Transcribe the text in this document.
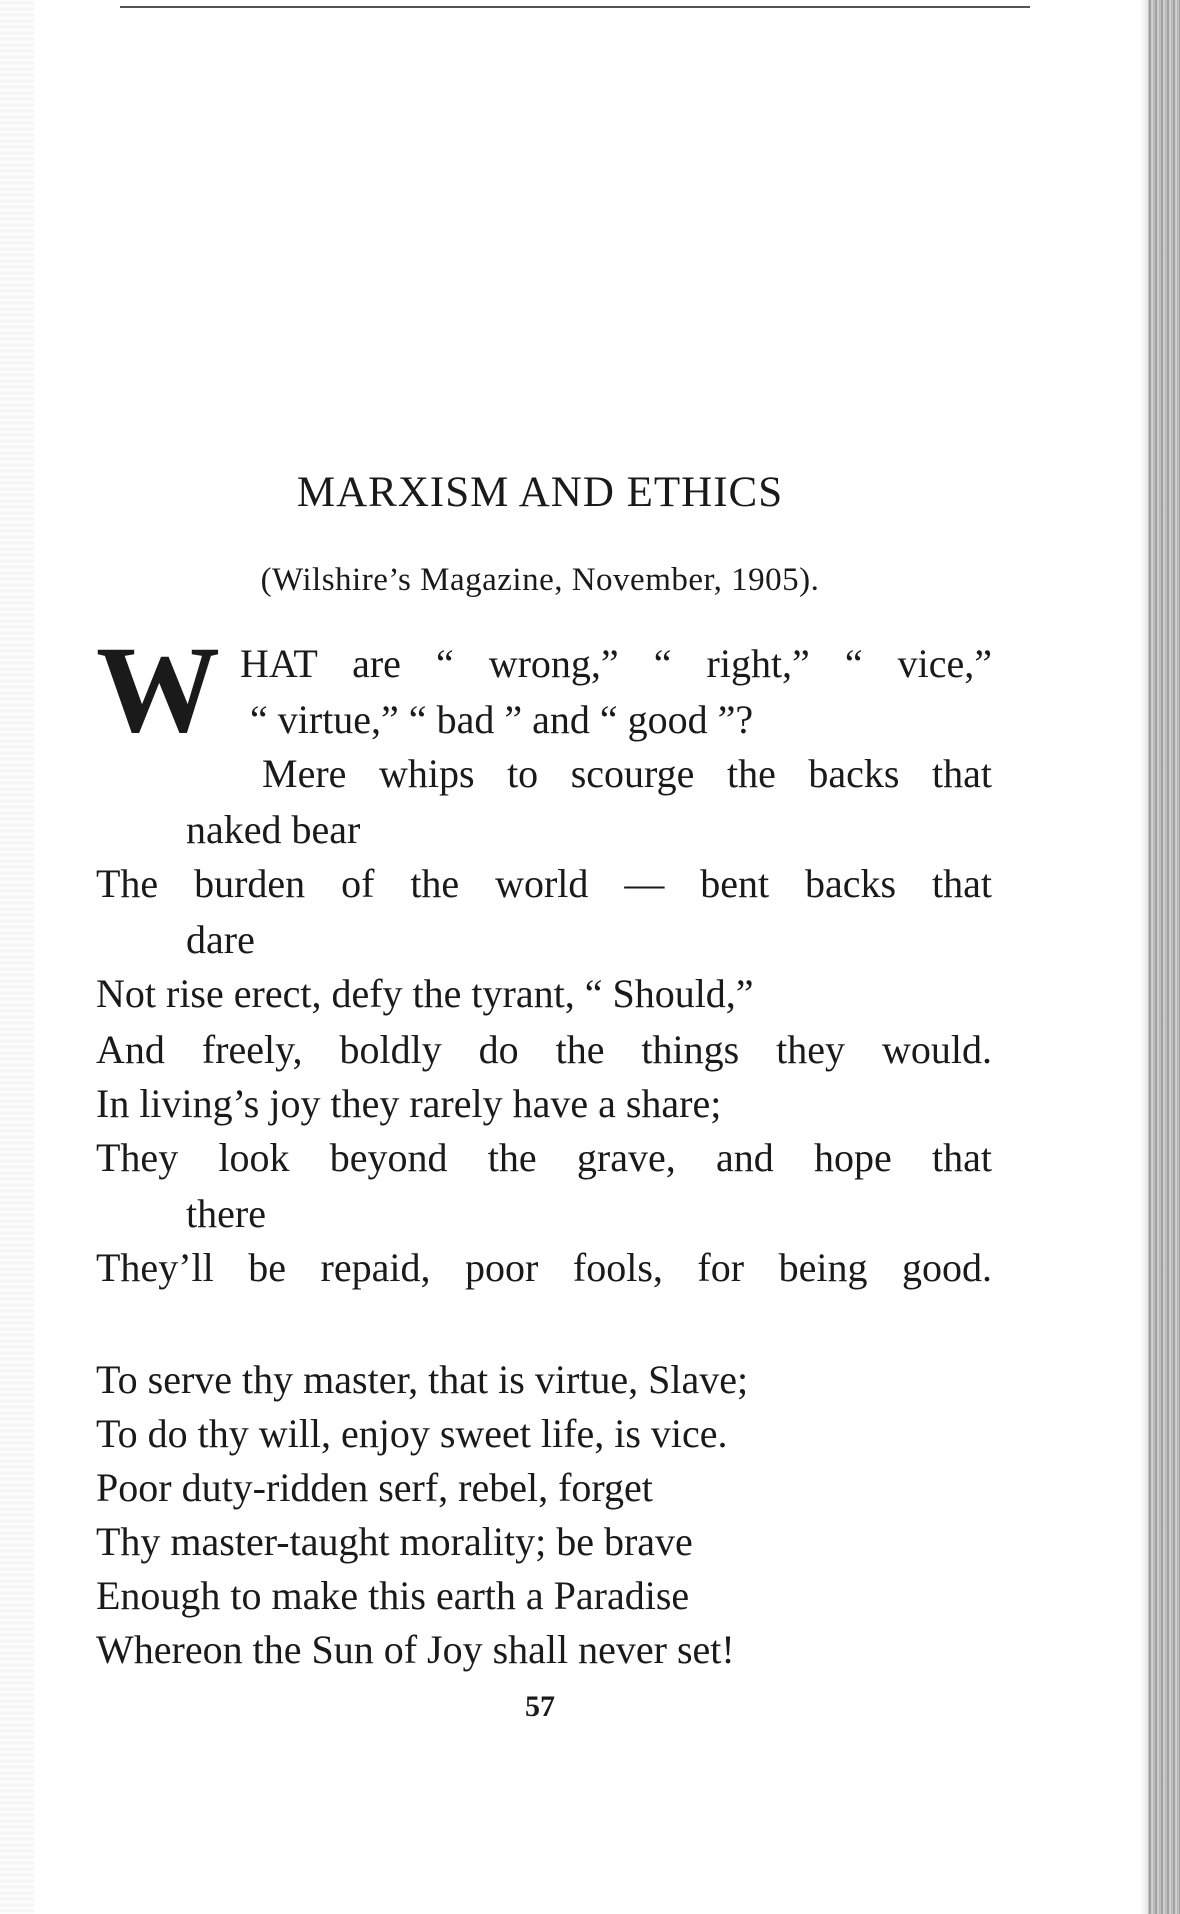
MARXISM AND ETHICS
(Wilshire’s Magazine, November, 1905).
W HAT are “ wrong,” “ right,” “ vice,”
“ virtue,” “ bad ” and “ good ”?
Mere whips to scourge the backs that
naked bear
The burden of the world — bent backs that
dare
Not rise erect, defy the tyrant, “ Should,”
And freely, boldly do the things they would.
In living’s joy they rarely have a share;
They look beyond the grave, and hope that
there
They’ll be repaid, poor fools, for being good.
To serve thy master, that is virtue, Slave;
To do thy will, enjoy sweet life, is vice.
Poor duty-ridden serf, rebel, forget
Thy master-taught morality; be brave
Enough to make this earth a Paradise
Whereon the Sun of Joy shall never set!
57
